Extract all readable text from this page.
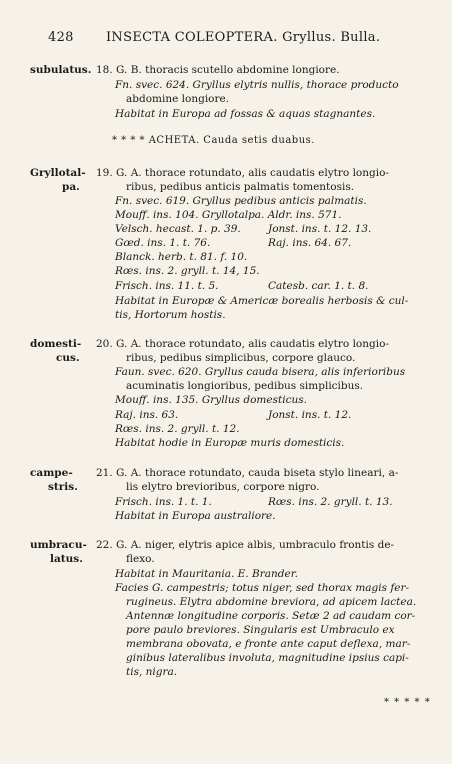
428 INSECTA COLEOPTERA. Gryllus. Bulla.
subulatus. 18. G. B. thoracis scutello abdomine longiore.
Fn. svec. 624. Gryllus elytris nullis, thorace producto
abdomine longiore.
Habitat in Europa ad fossas & aquas stagnantes.
* * * * ACHETA. Cauda setis duabus.
Gryllotal-
pa.
19. G. A. thorace rotundato, alis caudatis elytro longio-
ribus, pedibus anticis palmatis tomentosis.
Fn. svec. 619. Gryllus pedibus anticis palmatis.
Mouff. ins. 104. Gryllotalpa. Aldr. ins. 571.
Velsch. hecast. 1. p. 39.	Jonst. ins. t. 12. 13.
Gœd. ins. 1. t. 76.	Raj. ins. 64. 67.
Blanck. herb. t. 81. f. 10.
Rœs. ins. 2. gryll. t. 14, 15.
Frisch. ins. 11. t. 5.	Catesb. car. 1. t. 8.
Habitat in Europæ & Americæ borealis herbosis & cul-
tis, Hortorum hostis.
domesti-
cus.
20. G. A. thorace rotundato, alis caudatis elytro longio-
ribus, pedibus simplicibus, corpore glauco.
Faun. svec. 620. Gryllus cauda bisera, alis inferioribus
acuminatis longioribus, pedibus simplicibus.
Mouff. ins. 135. Gryllus domesticus.
Raj. ins. 63.	Jonst. ins. t. 12.
Rœs. ins. 2. gryll. t. 12.
Habitat hodie in Europæ muris domesticis.
campe-
stris.
21. G. A. thorace rotundato, cauda biseta stylo lineari, a-
lis elytro brevioribus, corpore nigro.
Frisch. ins. 1. t. 1.	Rœs. ins. 2. gryll. t. 13.
Habitat in Europa australiore.
umbracu-
latus.
22. G. A. niger, elytris apice albis, umbraculo frontis de-
flexo.
Habitat in Mauritania. E. Brander.
Facies G. campestris; totus niger, sed thorax magis fer-
rugineus. Elytra abdomine breviora, ad apicem lactea.
Antennæ longitudine corporis. Setæ 2 ad caudam cor-
pore paulo breviores. Singularis est Umbraculo ex
membrana obovata, e fronte ante caput deflexa, mar-
ginibus lateralibus involuta, magnitudine ipsius capi-
tis, nigra.
* * * * *
